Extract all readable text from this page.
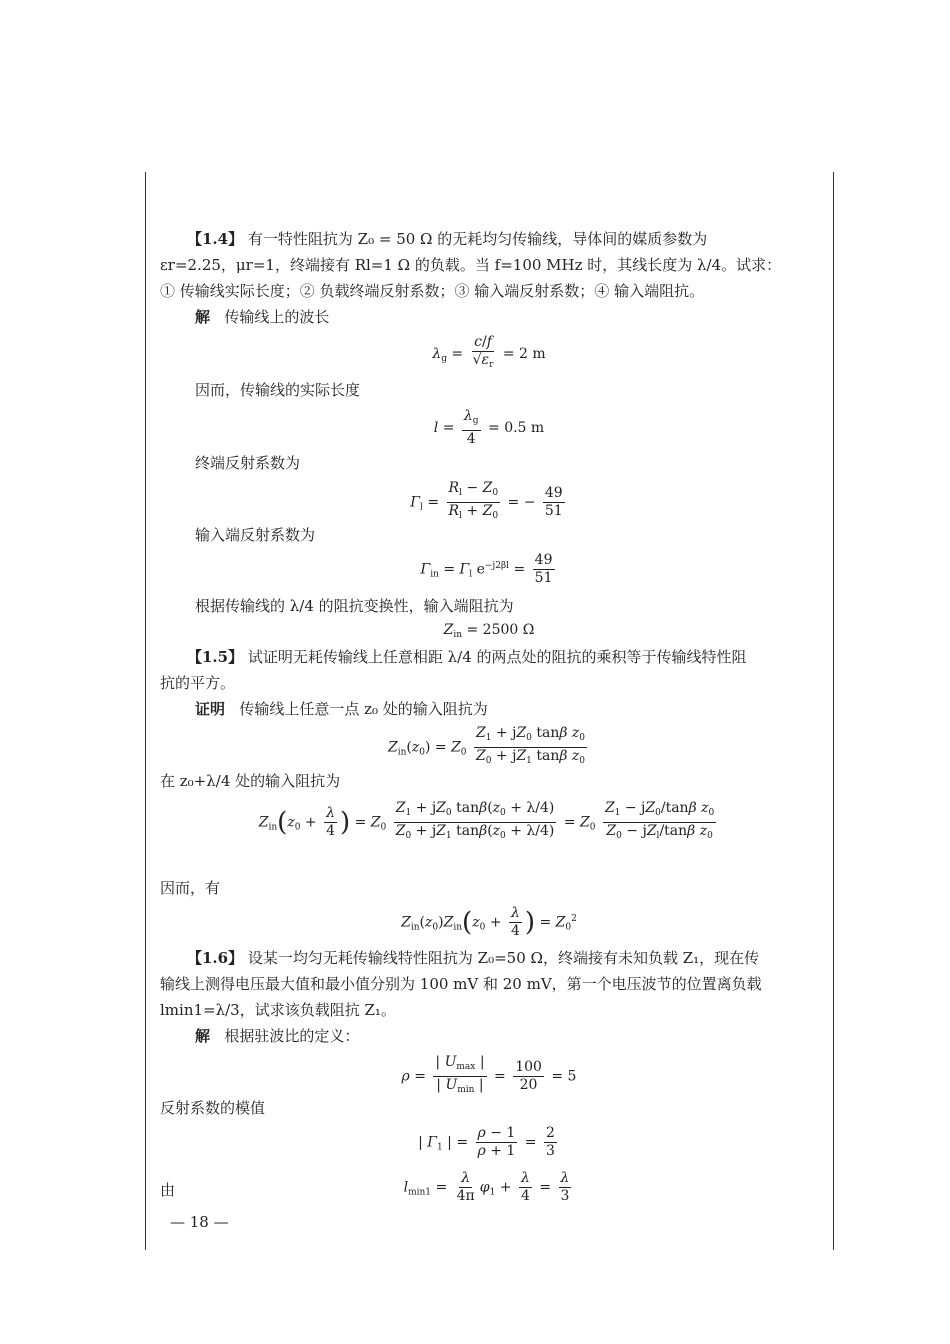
【1.4】 有一特性阻抗为 Z₀ = 50 Ω 的无耗均匀传输线，导体间的媒质参数为
εr=2.25，μr=1，终端接有 Rl=1 Ω 的负载。当 f=100 MHz 时，其线长度为 λ/4。试求：
① 传输线实际长度；② 负载终端反射系数；③ 输入端反射系数；④ 输入端阻抗。
解 传输线上的波长
$\lambda_g = \frac{c/f}{√\varepsilon_r} = 2$ m
因而，传输线的实际长度
$l = \frac{\lambda_g}{4} = 0.5$ m
终端反射系数为
$\Gamma_l = \frac{R_l - Z_0}{R_l + Z_0}$ = − $\frac{49}{51}$
输入端反射系数为
$\Gamma_{in} = \Gamma_l$ $e^{-j2\beta l} = \frac{49}{51}$
根据传输线的 λ/4 的阻抗变换性，输入端阻抗为
$Z_{in} = 2500$ Ω
【1.5】 试证明无耗传输线上任意相距 λ/4 的两点处的阻抗的乘积等于传输线特性阻
抗的平方。
证明 传输线上任意一点 z₀ 处的输入阻抗为
$Z_{in}(z_0) = Z_0 \frac{Z_1 + jZ_0 \tan\beta z_0}{Z_0 + jZ_1 \tan\beta z_0}$
在 z₀+λ/4 处的输入阻抗为
$Z_{in}(z_0 + \frac{\lambda}{4}$ ) = $Z_0 \frac{Z_1 + jZ_0 \tan\beta(z_0 + \lambda/4)}{Z_0 + jZ_1 \tan\beta(z_0 + \lambda/4)} = Z_0 \frac{Z_1 - jZ_0/\tan\beta z_0}{Z_0 - jZ_l/\tan\beta z_0}$
因而，有
$Z_{in}(z_0)Z_{in}(z_0 + \frac{\lambda}{4}$ ) = $Z_0^2$
【1.6】 设某一均匀无耗传输线特性阻抗为 Z₀=50 Ω，终端接有未知负载 Z₁，现在传
输线上测得电压最大值和最小值分别为 100 mV 和 20 mV，第一个电压波节的位置离负载
lmin1=λ/3，试求该负载阻抗 Z₁。
解 根据驻波比的定义：
$\rho = \frac{| U_{max} |}{| U_{min} |} = \frac{100}{20} = 5$
反射系数的模值
| $\Gamma_1$ | = $\frac{\rho - 1}{\rho + 1} = \frac{2}{3}$
由	$l_{min1} = \frac{\lambda}{4\pi} \varphi_1 + \frac{\lambda}{4} = \frac{\lambda}{3}$
— 18 —
